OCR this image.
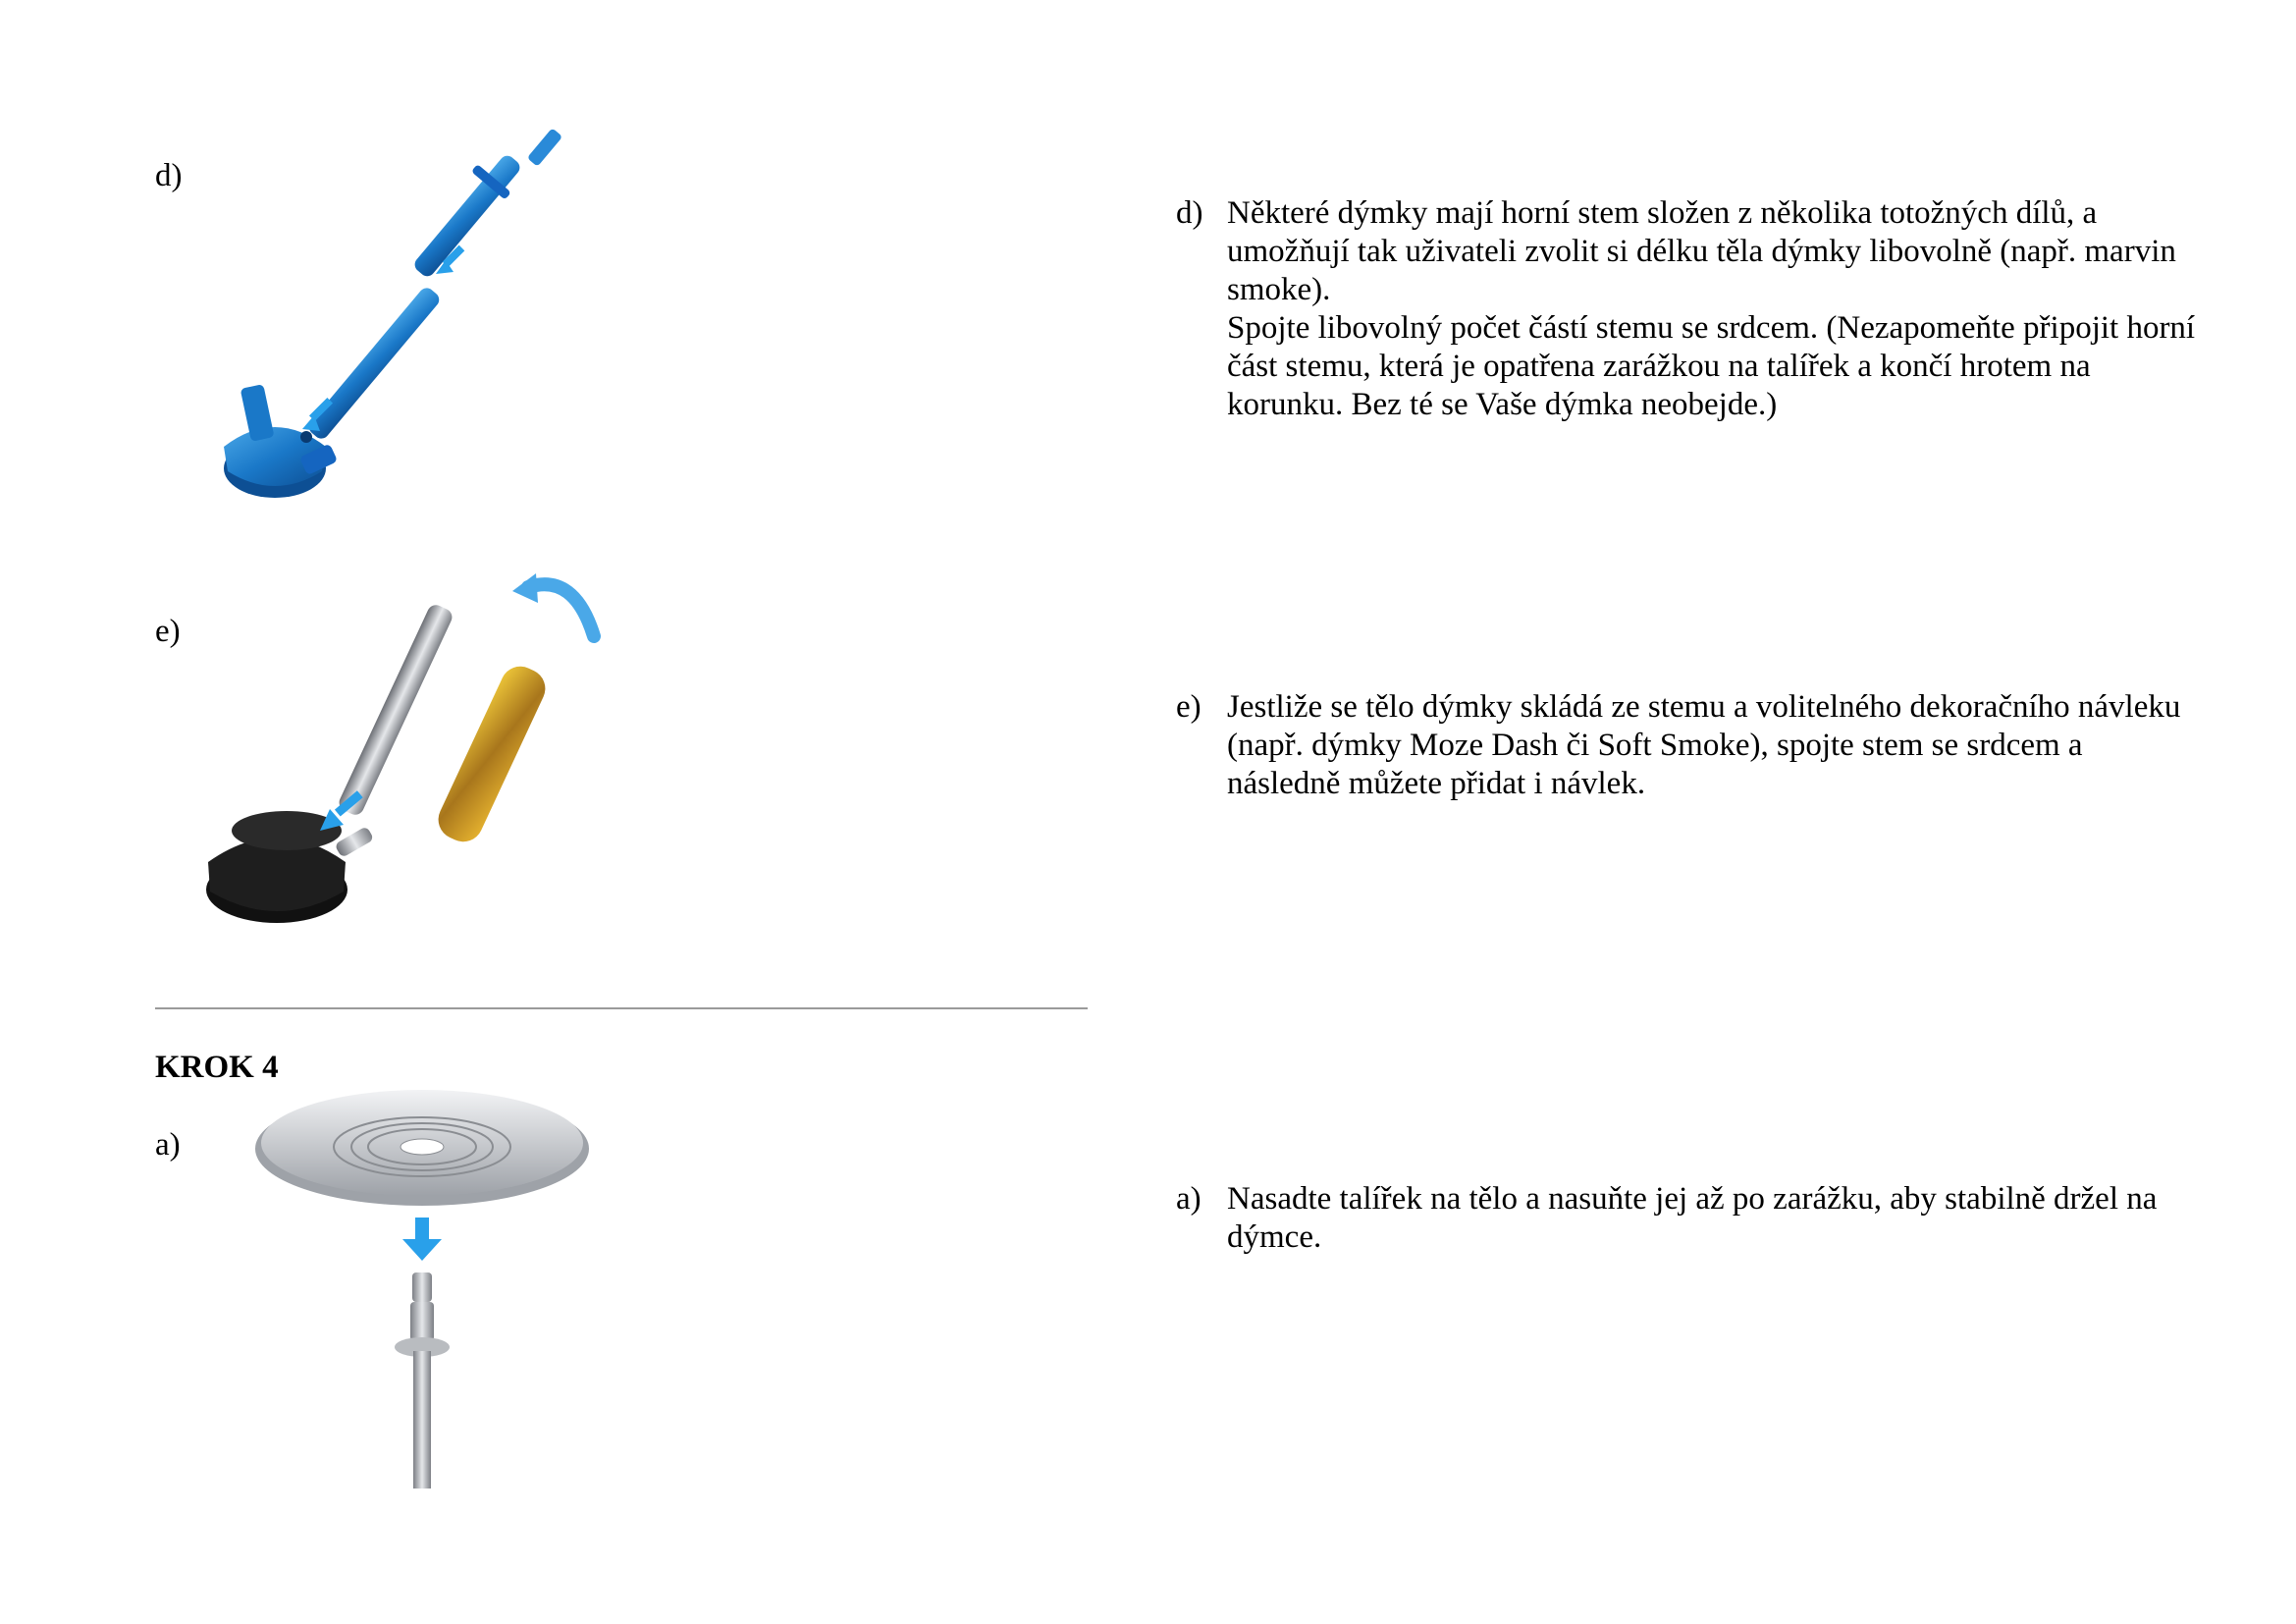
d)
e)
KROK 4
a)
d) Některé dýmky mají horní stem složen z několika totožných dílů, a umožňují tak uživateli zvolit si délku těla dýmky libovolně (např. marvin smoke).

Spojte libovolný počet částí stemu se srdcem. (Nezapomeňte připojit horní část stemu, která je opatřena zarážkou na talířek a končí hrotem na korunku. Bez té se Vaše dýmka neobejde.)

e) Jestliže se tělo dýmky skládá ze stemu a volitelného dekoračního návleku (např. dýmky Moze Dash či Soft Smoke), spojte stem se srdcem a následně můžete přidat i návlek.

a) Nasadte talířek na tělo a nasuňte jej až po zarážku, aby stabilně držel na dýmce.
